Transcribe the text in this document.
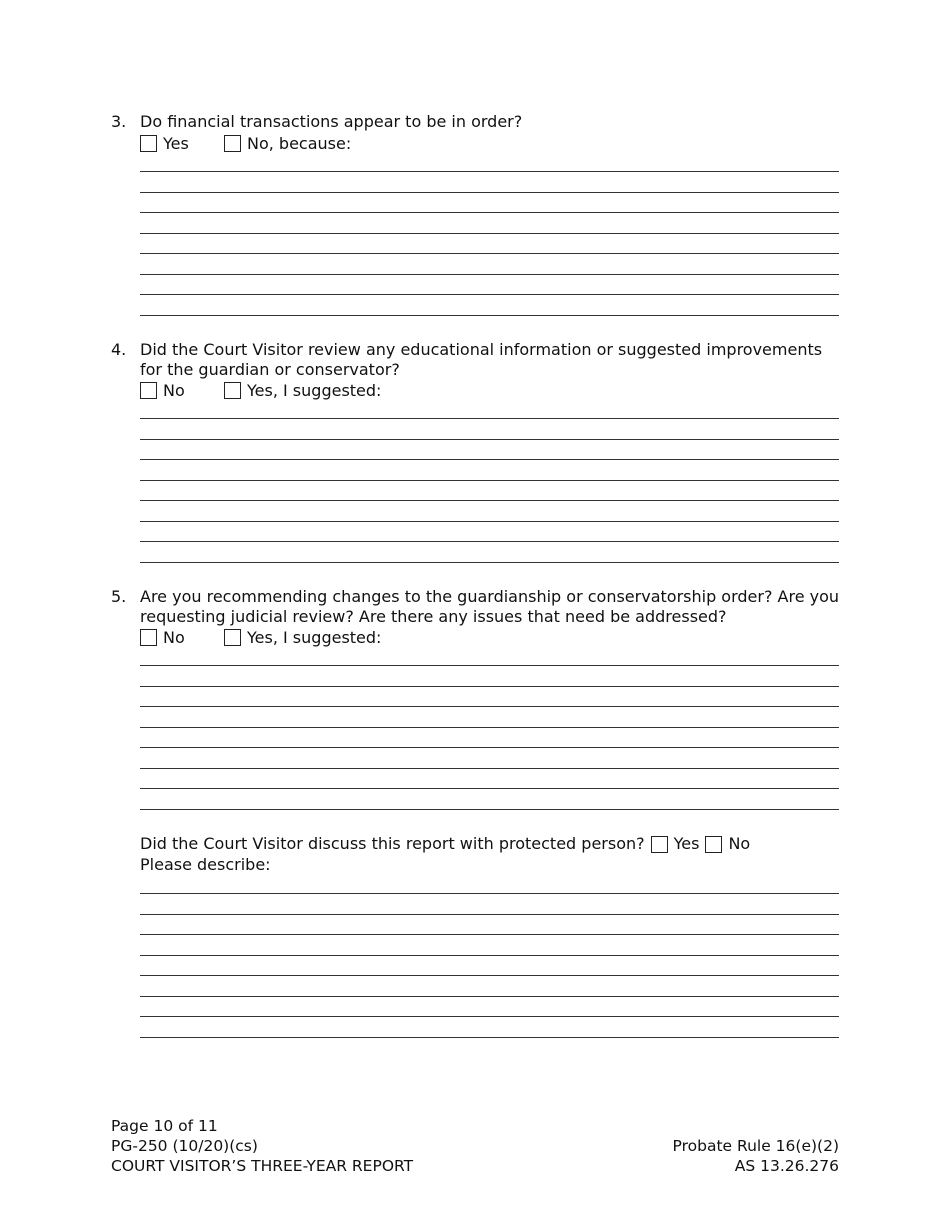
3. Do financial transactions appear to be in order?
Yes	No, because:
4. Did the Court Visitor review any educational information or suggested improvements for the guardian or conservator?
No	Yes, I suggested:
5. Are you recommending changes to the guardianship or conservatorship order? Are you requesting judicial review? Are there any issues that need be addressed?
No	Yes, I suggested:
Did the Court Visitor discuss this report with protected person? Yes No
Please describe:
Page 10 of 11
PG-250 (10/20)(cs)
COURT VISITOR’S THREE-YEAR REPORT
Probate Rule 16(e)(2)
AS 13.26.276
